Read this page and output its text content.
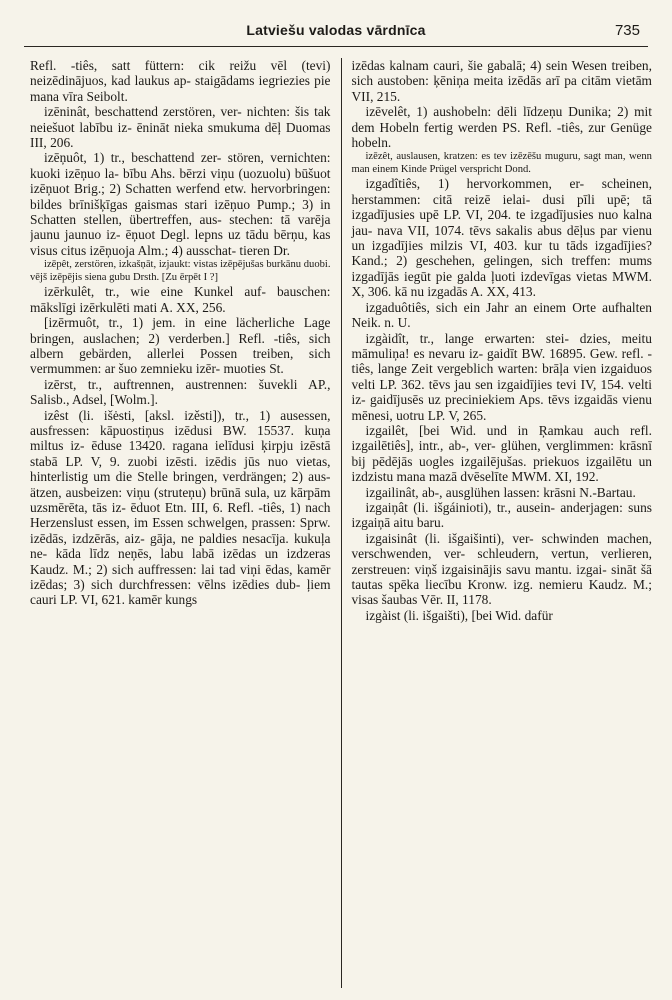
Latviešu valodas vārdnīca	735

Refl. -tiês, satt füttern: cik reižu vēl (tevi) neizēdinājuos, kad laukus ap- staigādams iegriezies pie mana vīra Seibolt.

izēninât, beschattend zerstören, ver- nichten: šis tak neiešuot labību iz- ēnināt nieka smukuma dēļ Duomas III, 206.

izēņuôt, 1) tr., beschattend zer- stören, vernichten: kuoki izēņuo la- bību Ahs. bērzi viņu (uozuolu) būšuot izēņuot Brig.; 2) Schatten werfend etw. hervorbringen: bildes brīnišķīgas gaismas stari izēņuo Pump.; 3) in Schatten stellen, übertreffen, aus- stechen: tā varēja jaunu jaunuo iz- ēņuot Degl. lepns uz tādu bērņu, kas visus citus izēņuoja Alm.; 4) ausschat- tieren Dr.

izēpêt, zerstören, izkašņāt, izjaukt: vistas izēpējušas burkānu duobi. vējš izēpējis siena gubu Drsth. [Zu ērpēt I ?]

izērkulêt, tr., wie eine Kunkel auf- bauschen: mākslīgi izērkulēti mati A. XX, 256.

[izērmuôt, tr., 1) jem. in eine lächerliche Lage bringen, auslachen; 2) verderben.] Refl. -tiês, sich albern gebärden, allerlei Possen treiben, sich vermummen: ar šuo zemnieku izēr- muoties St.

izērst, tr., auftrennen, austrennen: šuvekli AP., Salisb., Adsel, [Wolm.].

izêst (li. išėsti, [aksl. izěsti]), tr., 1) ausessen, ausfressen: kāpuostiņus izēdusi BW. 15537. kuņa miltus iz- ēduse 13420. ragana ielīdusi ķirpju izēstā stabā LP. V, 9. zuobi izēsti. izēdis jūs nuo vietas, hinterlistig um die Stelle bringen, verdrängen; 2) aus- ätzen, ausbeizen: viņu (struteņu) brūnā sula, uz kārpām uzsmērēta, tās iz- ēduot Etn. III, 6. Refl. -tiês, 1) nach Herzenslust essen, im Essen schwelgen, prassen: Sprw. izēdās, izdzērās, aiz- gāja, ne paldies nesacīja. kukuļa ne- kāda līdz neņēs, labu labā izēdas un izdzeras Kaudz. M.; 2) sich auffressen: lai tad viņi ēdas, kamēr izēdas; 3) sich durchfressen: vēlns izēdies dub- ļiem cauri LP. VI, 621. kamēr kungs

izēdas kalnam cauri, šie gabalā; 4) sein Wesen treiben, sich austoben: ķēniņa meita izēdās arī pa citām vietām VII, 215.

izēvelêt, 1) aushobeln: dēli līdzeņu Dunika; 2) mit dem Hobeln fertig werden PS. Refl. -tiês, zur Genüge hobeln.

izēzêt, auslausen, kratzen: es tev izēzēšu muguru, sagt man, wenn man einem Kinde Prügel verspricht Dond.

izgadîtiês, 1) hervorkommen, er- scheinen, herstammen: citā reizē ielai- dusi pīli upē; tā izgadījusies upē LP. VI, 204. te izgadījusies nuo kalna jau- nava VII, 1074. tēvs sakalis abus dēļus par vienu un izgadījies milzis VI, 403. kur tu tāds izgadījies? Kand.; 2) geschehen, gelingen, sich treffen: mums izgadījās iegūt pie galda ļuoti izdevīgas vietas MWM. X, 306. kā nu izgadās A. XX, 413.

izgaduôtiês, sich ein Jahr an einem Orte aufhalten Neik. n. U.

izgàidît, tr., lange erwarten: stei- dzies, meitu māmuliņa! es nevaru iz- gaidīt BW. 16895. Gew. refl. -tiês, lange Zeit vergeblich warten: brāļa vien izgaiduos velti LP. 362. tēvs jau sen izgaidījies tevi IV, 154. velti iz- gaidījusēs uz preciniekiem Aps. tēvs izgaidās vienu mēnesi, uotru LP. V, 265.

izgailêt, [bei Wid. und in Ŗamkau auch refl. izgailētiês], intr., ab-, ver- glühen, verglimmen: krāsnī bij pēdējās uogles izgailējušas. priekuos izgailētu un izdzistu mana mazā dvēselīte MWM. XI, 192.

izgailinât, ab-, ausglühen lassen: krāsni N.-Bartau.

izgaiņât (li. išgáinioti), tr., ausein- anderjagen: suns izgaiņā aitu baru.

izgaisinât (li. išgaišinti), ver- schwinden machen, verschwenden, ver- schleudern, vertun, verlieren, zerstreuen: viņš izgaisinājis savu mantu. izgai- sināt šā tautas spēka liecību Kronw. izg. nemieru Kaudz. M.; visas šaubas Vēr. II, 1178.

izgàist (li. išgaišti), [bei Wid. dafür
